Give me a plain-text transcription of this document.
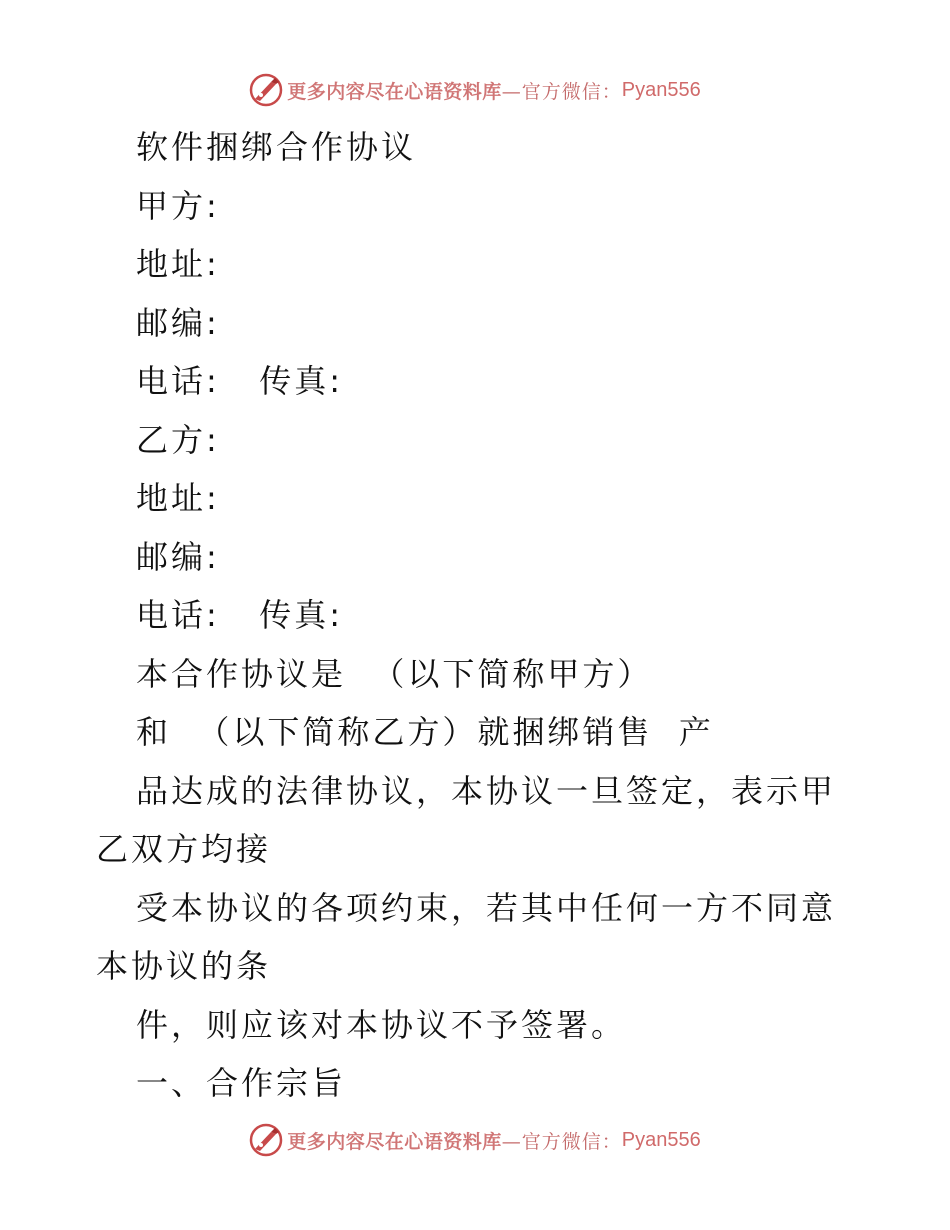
更多内容尽在心语资料库 —官方微信： Pyan556

软件捆绑合作协议

甲方:

地址:

邮编:

电话:   传真:

乙方:

地址:

邮编:

电话:   传真:

本合作协议是  （以下简称甲方）

和  （以下简称乙方）就捆绑销售  产

品达成的法律协议，本协议一旦签定，表示甲乙双方均接

受本协议的各项约束，若其中任何一方不同意本协议的条

件，则应该对本协议不予签署。

一、合作宗旨

更多内容尽在心语资料库 —官方微信： Pyan556
